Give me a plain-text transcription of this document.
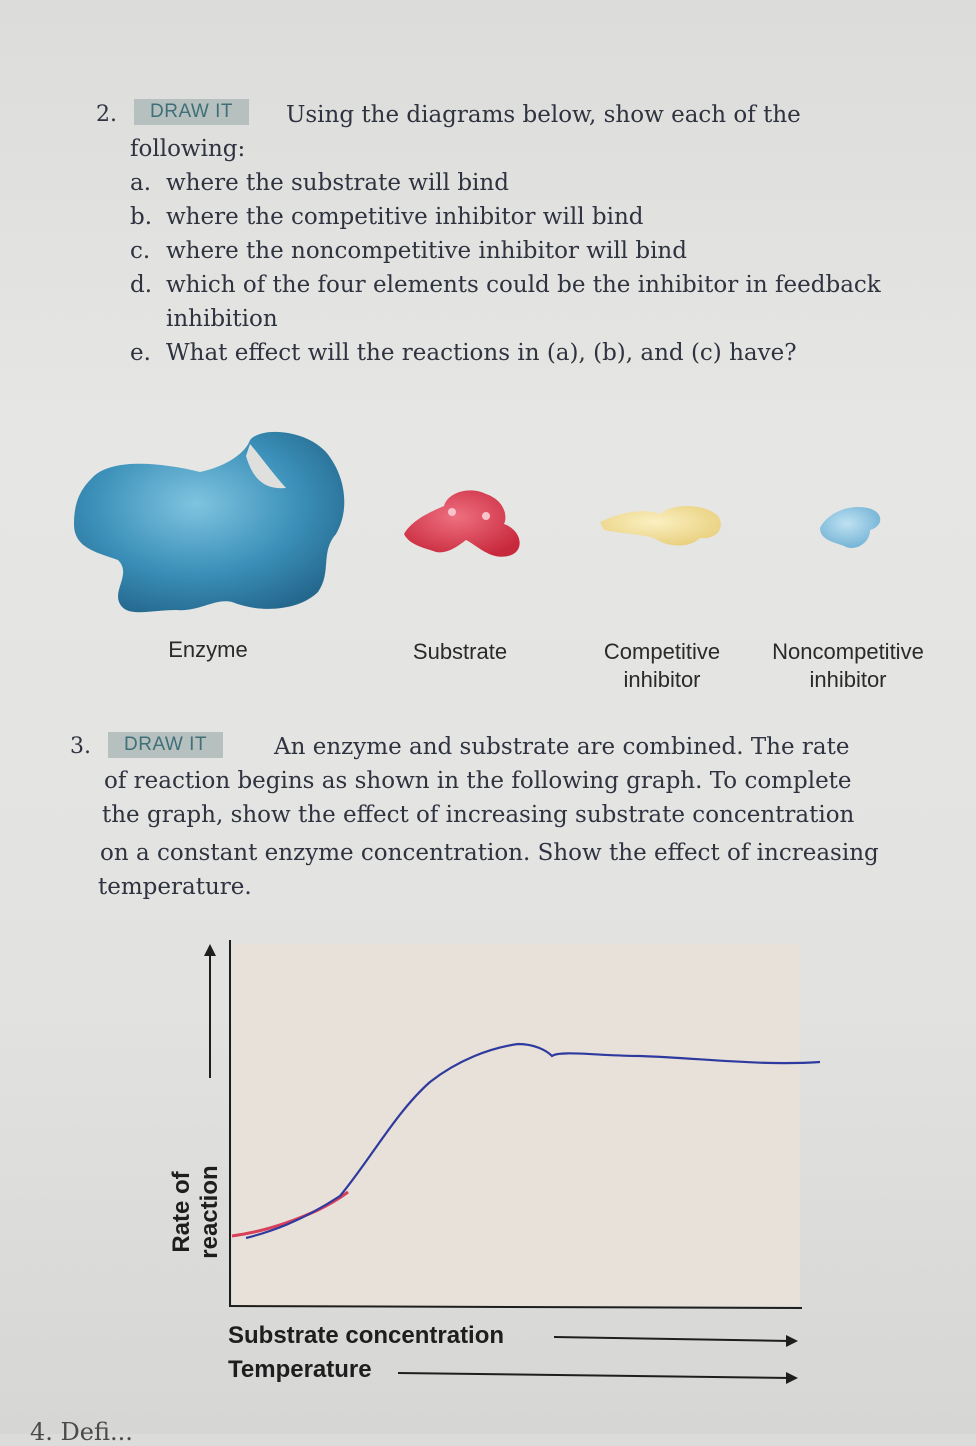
2.	DRAW IT	Using the diagrams below, show each of the
following:
a. where the substrate will bind
b. where the competitive inhibitor will bind
c. where the noncompetitive inhibitor will bind
d. which of the four elements could be the inhibitor in feedback
inhibition
e. What effect will the reactions in (a), (b), and (c) have?
Enzyme	Substrate	Competitive
inhibitor
Noncompetitive
inhibitor
3.	DRAW IT	An enzyme and substrate are combined. The rate
of reaction begins as shown in the following graph. To complete
the graph, show the effect of increasing substrate concentration
on a constant enzyme concentration. Show the effect of increasing
temperature.
Rate of reaction
Substrate concentration
Temperature
4. Defi...
